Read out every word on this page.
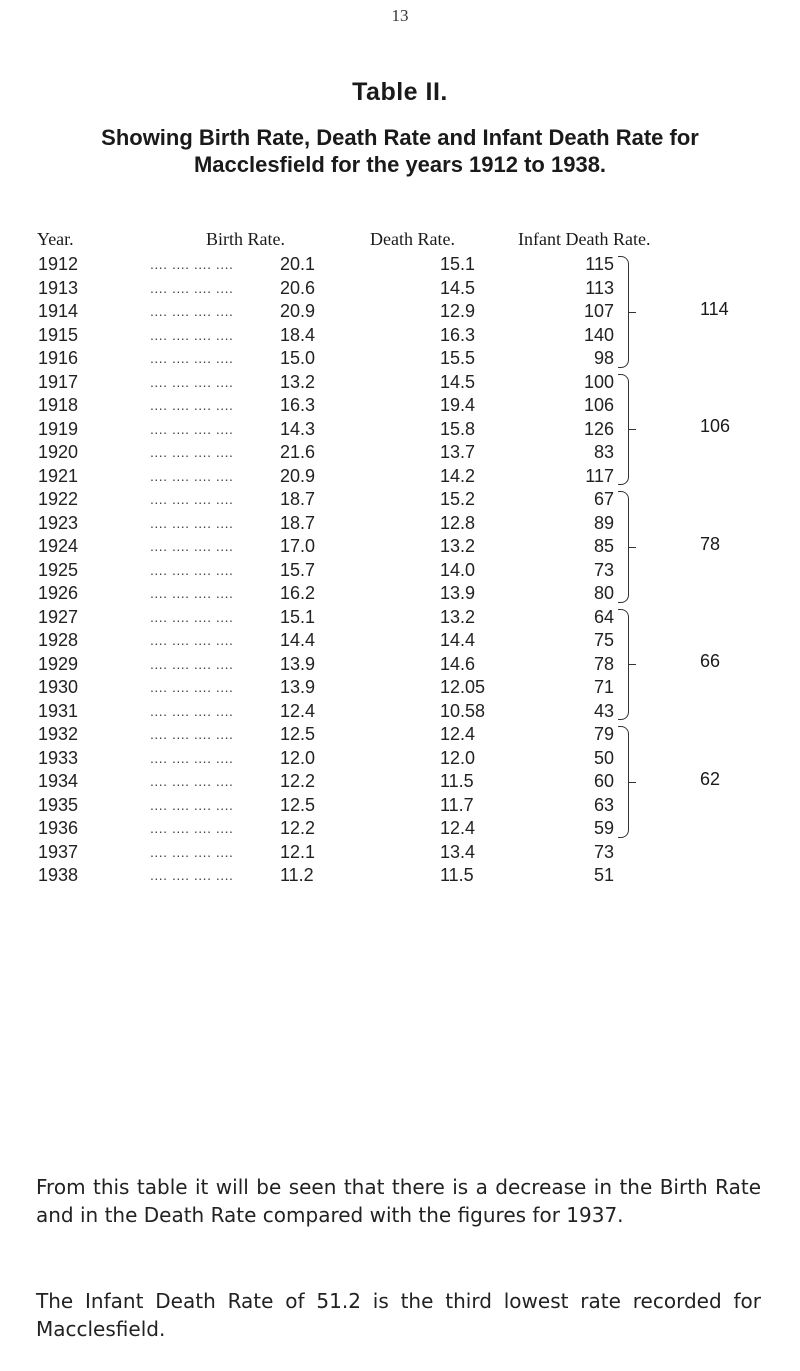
13
Table II.
Showing Birth Rate, Death Rate and Infant Death Rate for
Macclesfield for the years 1912 to 1938.
Year.	Birth Rate.	Death Rate.	Infant Death Rate.
1912	.... .... .... ....	20.1	15.1	115
1913	.... .... .... ....	20.6	14.5	113
1914	.... .... .... ....	20.9	12.9	107
1915	.... .... .... ....	18.4	16.3	140
1916	.... .... .... ....	15.0	15.5	98
1917	.... .... .... ....	13.2	14.5	100
1918	.... .... .... ....	16.3	19.4	106
1919	.... .... .... ....	14.3	15.8	126
1920	.... .... .... ....	21.6	13.7	83
1921	.... .... .... ....	20.9	14.2	117
1922	.... .... .... ....	18.7	15.2	67
1923	.... .... .... ....	18.7	12.8	89
1924	.... .... .... ....	17.0	13.2	85
1925	.... .... .... ....	15.7	14.0	73
1926	.... .... .... ....	16.2	13.9	80
1927	.... .... .... ....	15.1	13.2	64
1928	.... .... .... ....	14.4	14.4	75
1929	.... .... .... ....	13.9	14.6	78
1930	.... .... .... ....	13.9	12.05	71
1931	.... .... .... ....	12.4	10.58	43
1932	.... .... .... ....	12.5	12.4	79
1933	.... .... .... ....	12.0	12.0	50
1934	.... .... .... ....	12.2	11.5	60
1935	.... .... .... ....	12.5	11.7	63
1936	.... .... .... ....	12.2	12.4	59
1937	.... .... .... ....	12.1	13.4	73
1938	.... .... .... ....	11.2	11.5	51
114
106
78
66
62
From this table it will be seen that there is a decrease in the Birth Rate and in the Death Rate compared with the figures for 1937.
The Infant Death Rate of 51.2 is the third lowest rate recorded for Macclesfield.
